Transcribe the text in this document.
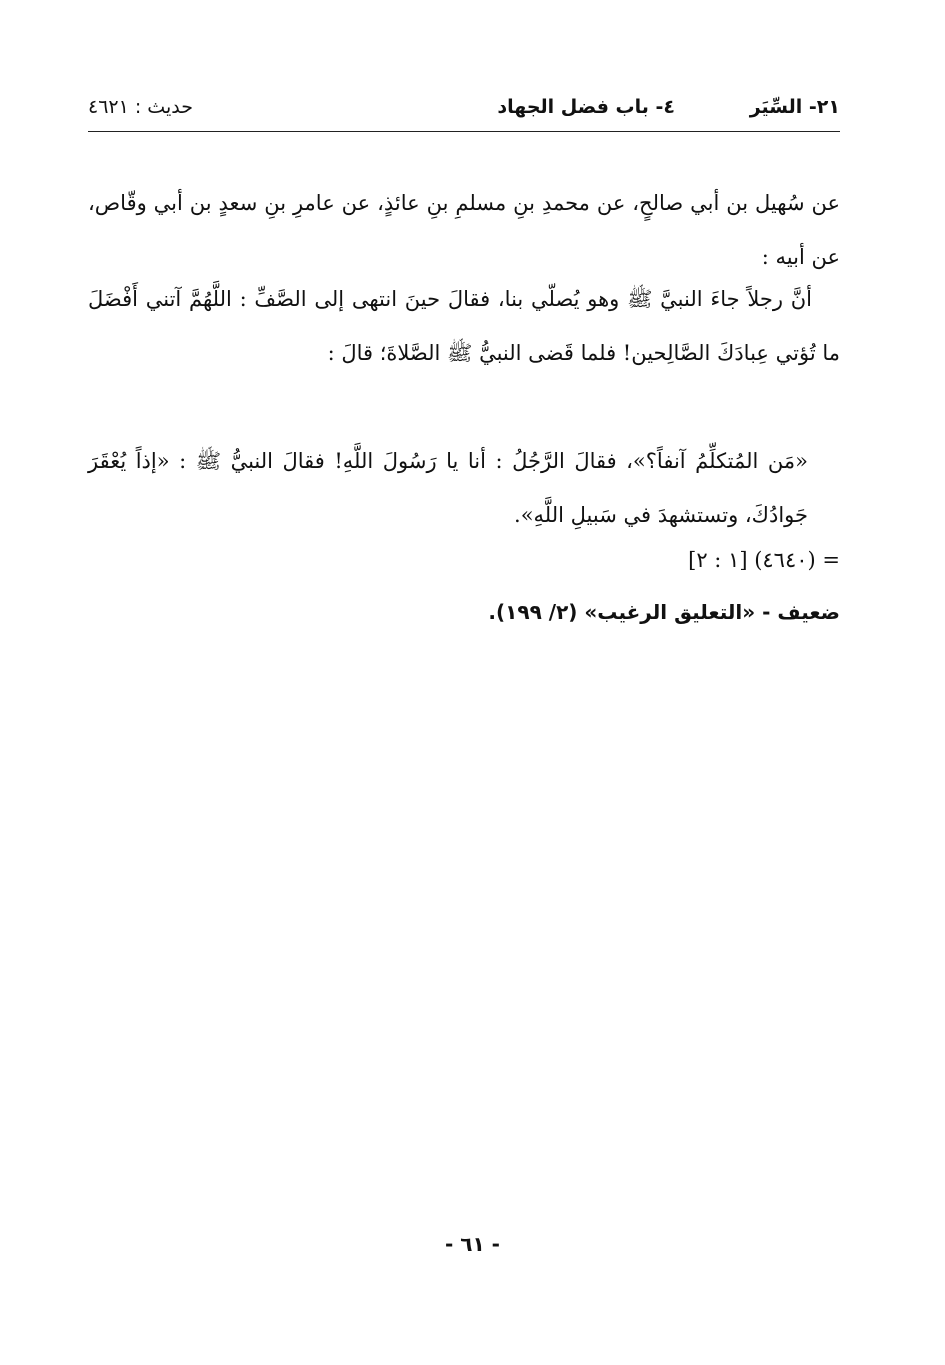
٢١- السِّيَر
٤- باب فضل الجهاد
حديث : ٤٦٢١
عن سُهيل بن أبي صالحٍ، عن محمدِ بنِ مسلمِ بنِ عائذٍ، عن عامرِ بنِ سعدٍ بن أبي وقّاص، عن أبيه :
أنَّ رجلاً جاءَ النبيَّ ﷺ وهو يُصلّي بنا، فقالَ حينَ انتهى إلى الصَّفِّ : اللَّهُمَّ آتني أَفْضَلَ ما تُؤتي عِبادَكَ الصَّالِحين! فلما قَضى النبيُّ ﷺ الصَّلاةَ؛ قالَ :
«مَن المُتكلِّمُ آنفاً؟»، فقالَ الرَّجُلُ : أنا يا رَسُولَ اللَّهِ! فقالَ النبيُّ ﷺ : «إذاً يُعْقَرَ جَوادُكَ، وتستشهدَ في سَبيلِ اللَّهِ».
= (٤٦٤٠) [١ : ٢]
ضعيف - «التعليق الرغيب» (٢/ ١٩٩).
- ٦١ -
